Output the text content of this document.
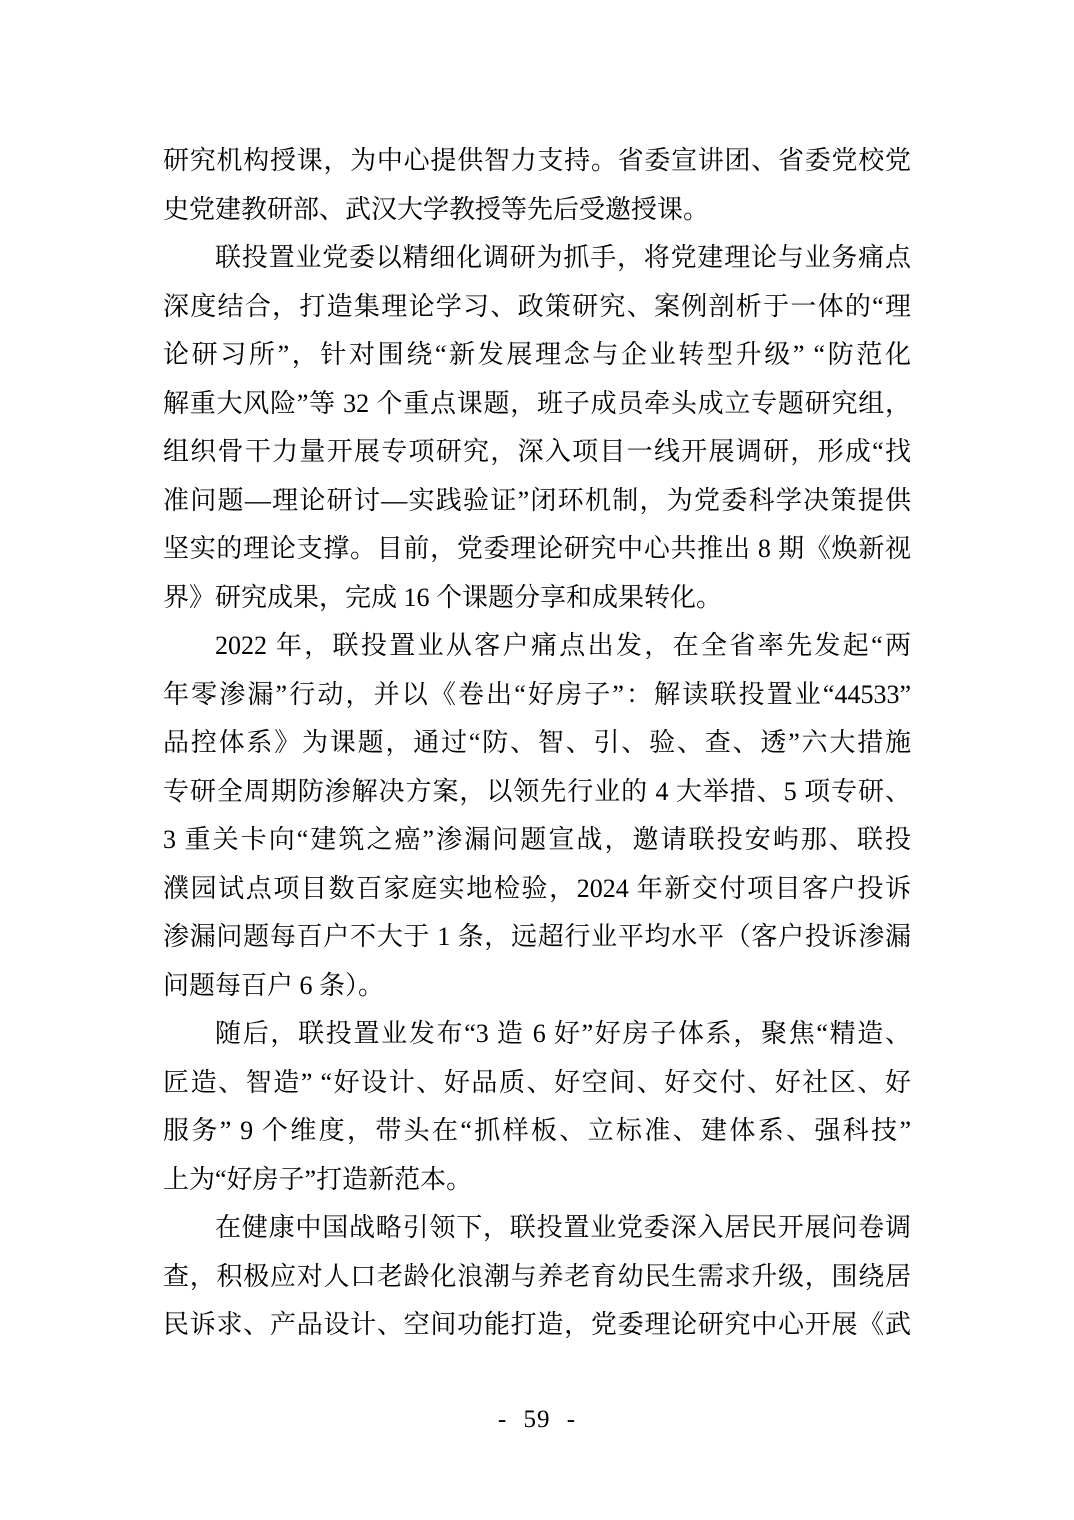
研究机构授课，为中心提供智力支持。省委宣讲团、省委党校党
史党建教研部、武汉大学教授等先后受邀授课。
联投置业党委以精细化调研为抓手，将党建理论与业务痛点
深度结合，打造集理论学习、政策研究、案例剖析于一体的“理
论研习所”，针对围绕“新发展理念与企业转型升级” “防范化
解重大风险”等 32 个重点课题，班子成员牵头成立专题研究组，
组织骨干力量开展专项研究，深入项目一线开展调研，形成“找
准问题—理论研讨—实践验证”闭环机制，为党委科学决策提供
坚实的理论支撑。目前，党委理论研究中心共推出 8 期《焕新视
界》研究成果，完成 16 个课题分享和成果转化。
2022 年，联投置业从客户痛点出发，在全省率先发起“两
年零渗漏”行动，并以《卷出“好房子”：解读联投置业“44533”
品控体系》为课题，通过“防、智、引、验、查、透”六大措施
专研全周期防渗解决方案，以领先行业的 4 大举措、5 项专研、
3 重关卡向“建筑之癌”渗漏问题宣战，邀请联投安屿那、联投
濮园试点项目数百家庭实地检验，2024 年新交付项目客户投诉
渗漏问题每百户不大于 1 条，远超行业平均水平（客户投诉渗漏
问题每百户 6 条）。
随后，联投置业发布“3 造 6 好”好房子体系，聚焦“精造、
匠造、智造” “好设计、好品质、好空间、好交付、好社区、好
服务” 9 个维度，带头在“抓样板、立标准、建体系、强科技”
上为“好房子”打造新范本。
在健康中国战略引领下，联投置业党委深入居民开展问卷调
查，积极应对人口老龄化浪潮与养老育幼民生需求升级，围绕居
民诉求、产品设计、空间功能打造，党委理论研究中心开展《武
- 59 -
